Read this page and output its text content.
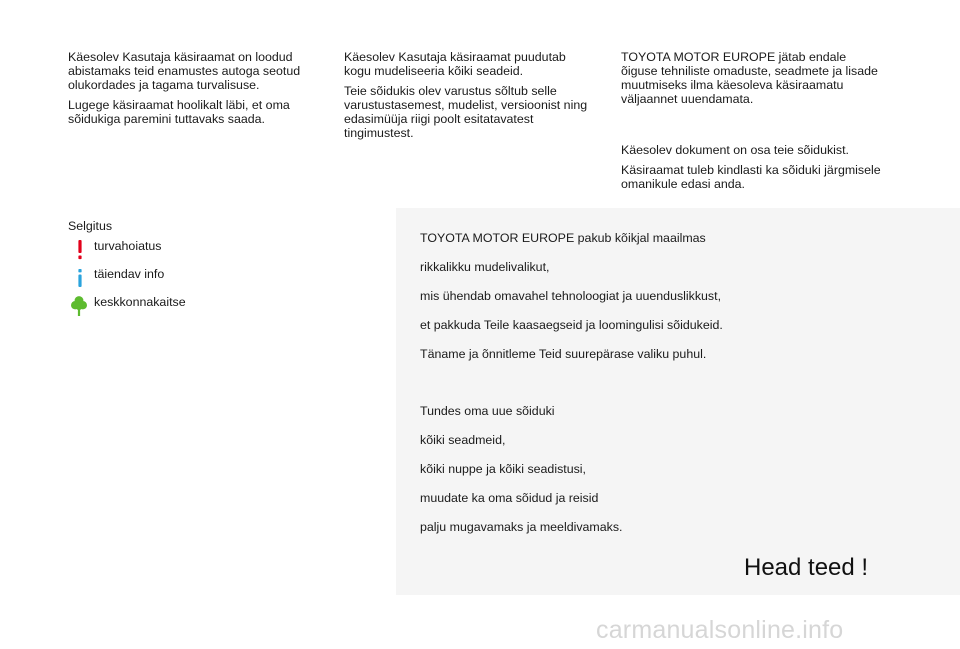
Käesolev Kasutaja käsiraamat on loodud abistamaks teid enamustes autoga seotud olukordades ja tagama turvalisuse.

Lugege käsiraamat hoolikalt läbi, et oma sõidukiga paremini tuttavaks saada.

Käesolev Kasutaja käsiraamat puudutab kogu mudeliseeria kõiki seadeid.

Teie sõidukis olev varustus sõltub selle varustustasemest, mudelist, versioonist ning edasimüüja riigi poolt esitatavatest tingimustest.

TOYOTA MOTOR EUROPE jätab endale õiguse tehniliste omaduste, seadmete ja lisade muutmiseks ilma käesoleva käsiraamatu väljaannet uuendamata.

Käesolev dokument on osa teie sõidukist.

Käsiraamat tuleb kindlasti ka sõiduki järgmisele omanikule edasi anda.

Selgitus

turvahoiatus
täiendav info
keskkonnakaitse
TOYOTA MOTOR EUROPE pakub kõikjal maailmas
rikkalikku mudelivalikut,
mis ühendab omavahel tehnoloogiat ja uuenduslikkust,
et pakkuda Teile kaasaegseid ja loomingulisi sõidukeid.
Täname ja õnnitleme Teid suurepärase valiku puhul.
Tundes oma uue sõiduki
kõiki seadmeid,
kõiki nuppe ja kõiki seadistusi,
muudate ka oma sõidud ja reisid
palju mugavamaks ja meeldivamaks.
Head teed !
carmanualsonline.info
